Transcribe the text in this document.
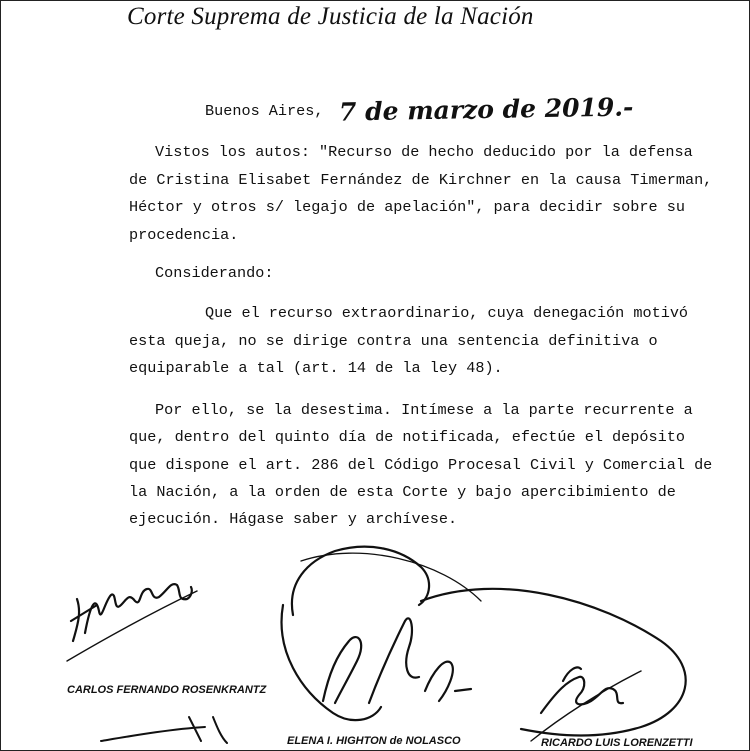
Corte Suprema de Justicia de la Nación
Buenos Aires, 7 de marzo de 2019.-
Vistos los autos: "Recurso de hecho deducido por la defensa
de Cristina Elisabet Fernández de Kirchner en la causa Timerman,
Héctor y otros s/ legajo de apelación", para decidir sobre su
procedencia.
Considerando:
Que el recurso extraordinario, cuya denegación motivó
esta queja, no se dirige contra una sentencia definitiva o
equiparable a tal (art. 14 de la ley 48).
Por ello, se la desestima. Intímese a la parte recurrente a
que, dentro del quinto día de notificada, efectúe el depósito
que dispone el art. 286 del Código Procesal Civil y Comercial de
la Nación, a la orden de esta Corte y bajo apercibimiento de
ejecución. Hágase saber y archívese.
CARLOS FERNANDO ROSENKRANTZ
ELENA I. HIGHTON de NOLASCO	RICARDO LUIS LORENZETTI
